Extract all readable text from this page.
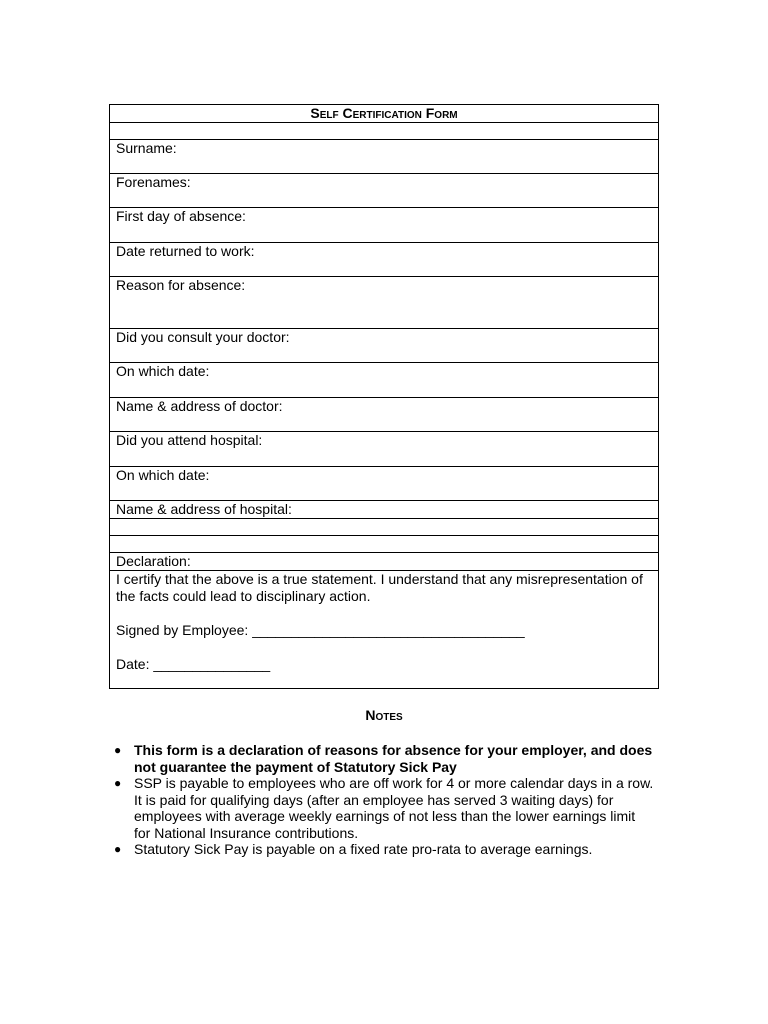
Self Certification Form

Surname:
Forenames:
First day of absence:
Date returned to work:
Reason for absence:
Did you consult your doctor:
On which date:
Name & address of doctor:
Did you attend hospital:
On which date:
Name & address of hospital:

Declaration:

I certify that the above is a true statement. I understand that any misrepresentation of the facts could lead to disciplinary action.

Signed by Employee: ___________________________________

Date: _______________

Notes
● This form is a declaration of reasons for absence for your employer, and does not guarantee the payment of Statutory Sick Pay
● SSP is payable to employees who are off work for 4 or more calendar days in a row. It is paid for qualifying days (after an employee has served 3 waiting days) for employees with average weekly earnings of not less than the lower earnings limit for National Insurance contributions.
● Statutory Sick Pay is payable on a fixed rate pro-rata to average earnings.
